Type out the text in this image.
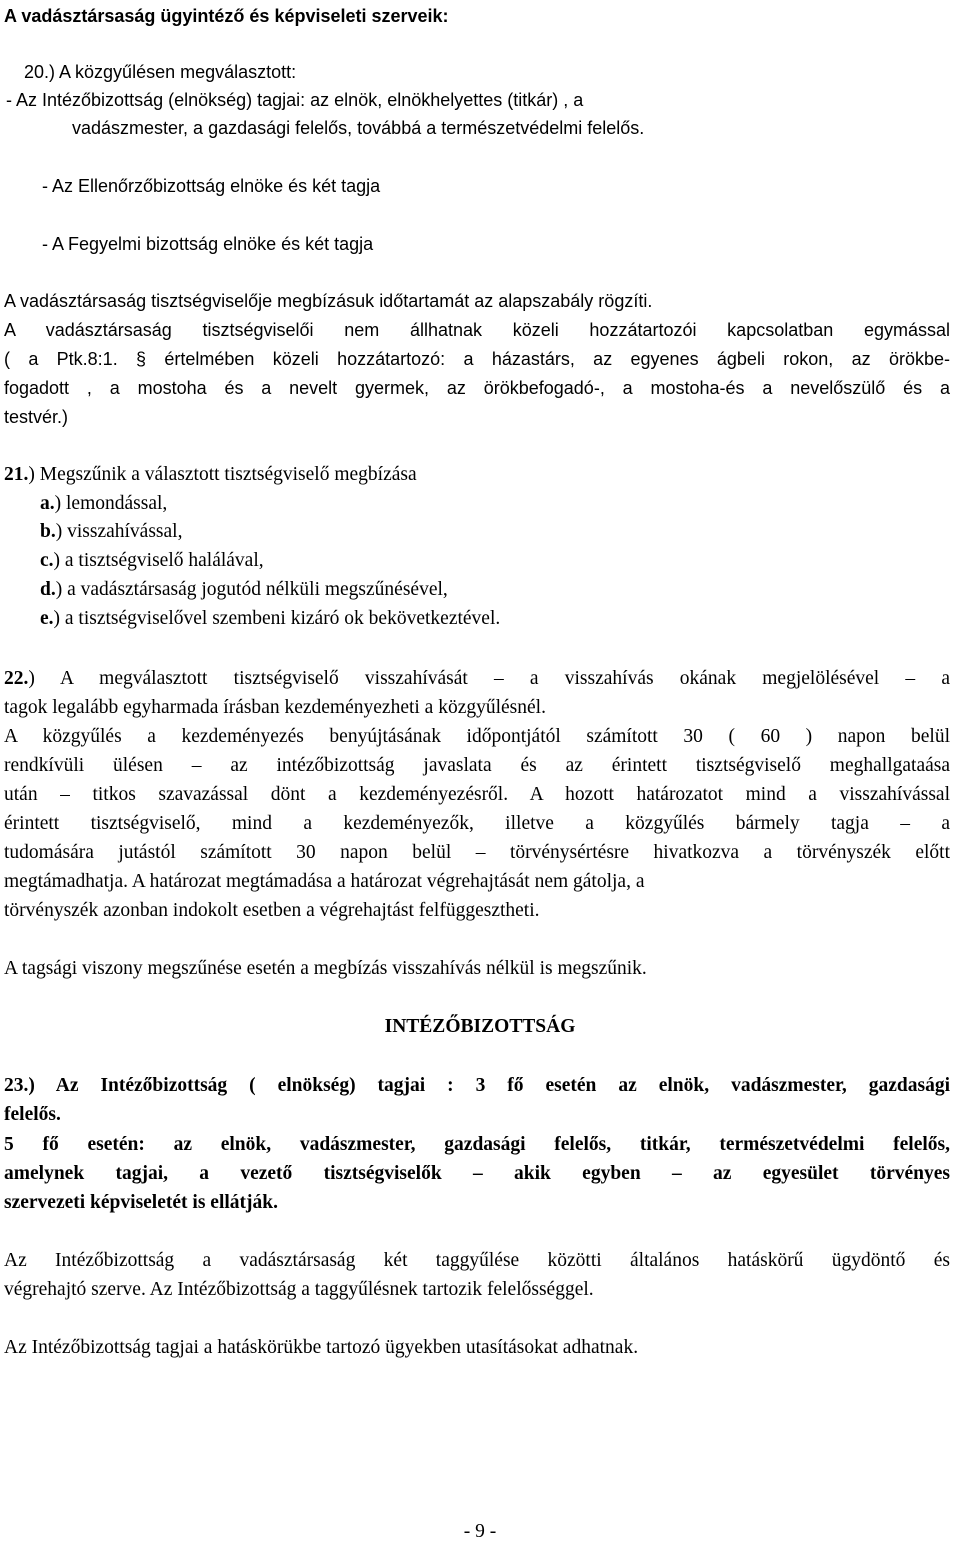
A vadásztársaság ügyintéző és képviseleti szerveik:
20.) A közgyűlésen megválasztott:
- Az Intézőbizottság (elnökség) tagjai: az elnök, elnökhelyettes (titkár) , a
vadászmester, a gazdasági felelős, továbbá a természetvédelmi felelős.
- Az Ellenőrzőbizottság elnöke és két tagja
- A Fegyelmi bizottság elnöke és két tagja
A vadásztársaság tisztségviselője megbízásuk időtartamát az alapszabály rögzíti.
A vadásztársaság tisztségviselői nem állhatnak közeli hozzátartozói kapcsolatban egymással
( a Ptk.8:1. § értelmében közeli hozzátartozó: a házastárs, az egyenes ágbeli rokon, az örökbe-
fogadott , a mostoha és a nevelt gyermek, az örökbefogadó-, a mostoha-és a nevelőszülő és a
testvér.)
21.) Megszűnik a választott tisztségviselő megbízása
a.) lemondással,
b.) visszahívással,
c.) a tisztségviselő halálával,
d.) a vadásztársaság jogutód nélküli megszűnésével,
e.) a tisztségviselővel szembeni kizáró ok bekövetkeztével.
22.) A megválasztott tisztségviselő visszahívását – a visszahívás okának megjelölésével – a
tagok legalább egyharmada írásban kezdeményezheti a közgyűlésnél.
A közgyűlés a kezdeményezés benyújtásának időpontjától számított 30 ( 60 ) napon belül
rendkívüli ülésen – az intézőbizottság javaslata és az érintett tisztségviselő meghallgataása
után – titkos szavazással dönt a kezdeményezésről. A hozott határozatot mind a visszahívással
érintett tisztségviselő, mind a kezdeményezők, illetve a közgyűlés bármely tagja – a
tudomására jutástól számított 30 napon belül – törvénysértésre hivatkozva a törvényszék előtt
megtámadhatja. A határozat megtámadása a határozat végrehajtását nem gátolja, a
törvényszék azonban indokolt esetben a végrehajtást felfüggesztheti.
A tagsági viszony megszűnése esetén a megbízás visszahívás nélkül is megszűnik.
INTÉZŐBIZOTTSÁG
23.) Az Intézőbizottság ( elnökség) tagjai : 3 fő esetén az elnök, vadászmester, gazdasági
felelős.
5 fő esetén: az elnök, vadászmester, gazdasági felelős, titkár, természetvédelmi felelős,
amelynek tagjai, a vezető tisztségviselők – akik egyben – az egyesület törvényes
szervezeti képviseletét is ellátják.
Az Intézőbizottság a vadásztársaság két taggyűlése közötti általános hatáskörű ügydöntő és
végrehajtó szerve. Az Intézőbizottság a taggyűlésnek tartozik felelősséggel.
Az Intézőbizottság tagjai a hatáskörükbe tartozó ügyekben utasításokat adhatnak.
- 9 -
